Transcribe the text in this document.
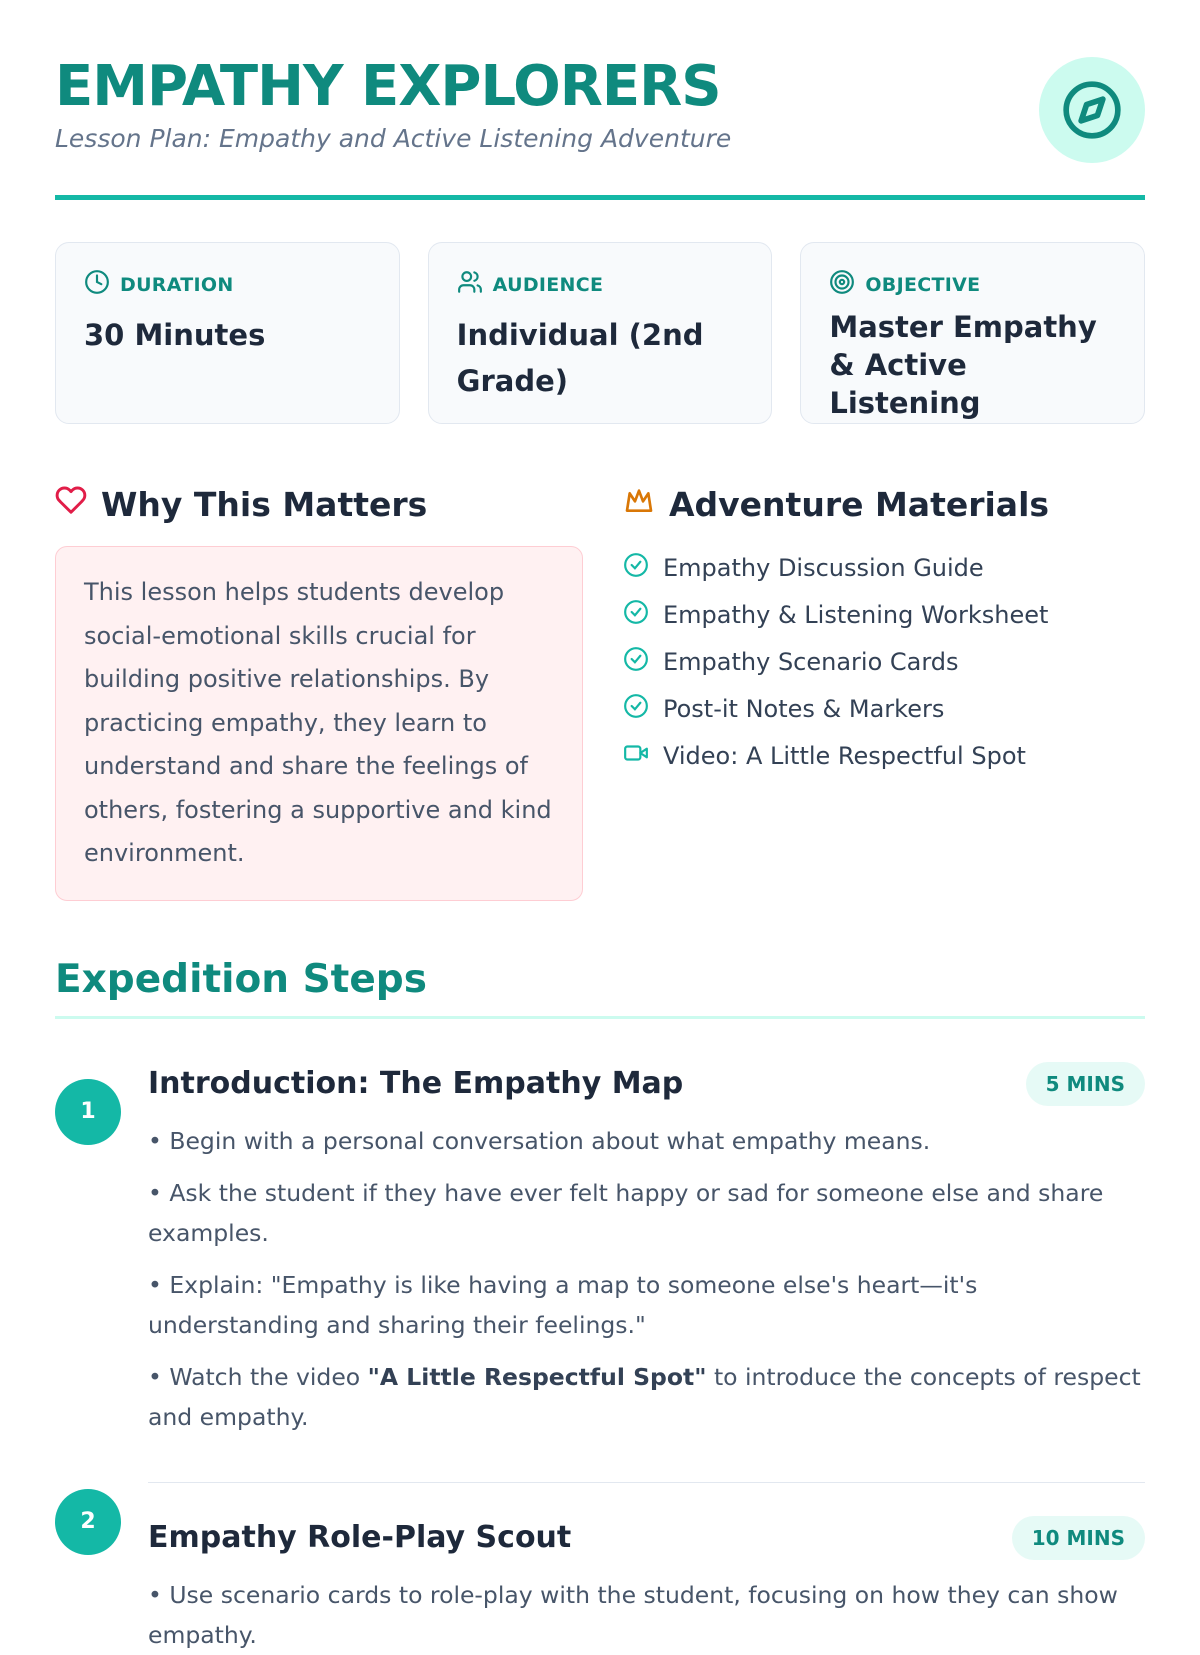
EMPATHY EXPLORERS
Lesson Plan: Empathy and Active Listening Adventure
DURATION
30 Minutes
AUDIENCE
Individual (2nd Grade)
OBJECTIVE
Master Empathy & Active Listening
Why This Matters
This lesson helps students develop social-emotional skills crucial for building positive relationships. By practicing empathy, they learn to understand and share the feelings of others, fostering a supportive and kind environment.
Adventure Materials
Empathy Discussion Guide
Empathy & Listening Worksheet
Empathy Scenario Cards
Post-it Notes & Markers
Video: A Little Respectful Spot
Expedition Steps
1
Introduction: The Empathy Map	5 MINS
• Begin with a personal conversation about what empathy means.
• Ask the student if they have ever felt happy or sad for someone else and share examples.
• Explain: "Empathy is like having a map to someone else's heart—it's understanding and sharing their feelings."
• Watch the video "A Little Respectful Spot" to introduce the concepts of respect and empathy.
2	Empathy Role-Play Scout	10 MINS
• Use scenario cards to role-play with the student, focusing on how they can show empathy.
